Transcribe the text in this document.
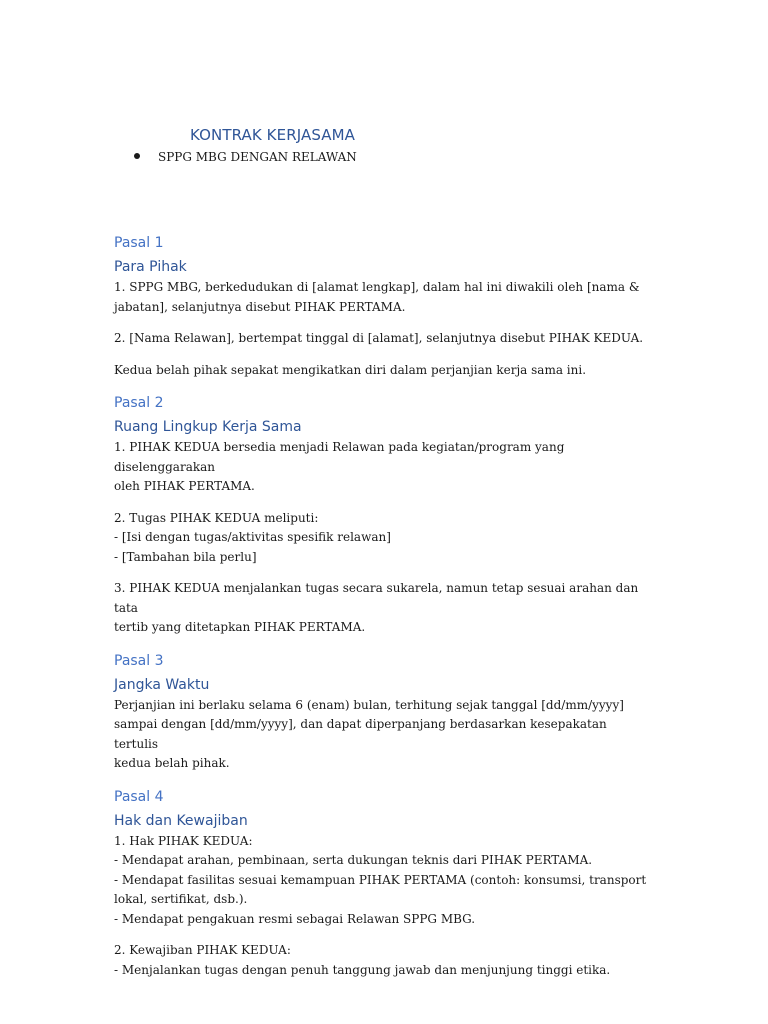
KONTRAK KERJASAMA
SPPG MBG DENGAN RELAWAN
Pasal 1
Para Pihak

1. SPPG MBG, berkedudukan di [alamat lengkap], dalam hal ini diwakili oleh [nama &
jabatan], selanjutnya disebut PIHAK PERTAMA.

2. [Nama Relawan], bertempat tinggal di [alamat], selanjutnya disebut PIHAK KEDUA.

Kedua belah pihak sepakat mengikatkan diri dalam perjanjian kerja sama ini.

Pasal 2
Ruang Lingkup Kerja Sama

1. PIHAK KEDUA bersedia menjadi Relawan pada kegiatan/program yang diselenggarakan
oleh PIHAK PERTAMA.

2. Tugas PIHAK KEDUA meliputi:
- [Isi dengan tugas/aktivitas spesifik relawan]
- [Tambahan bila perlu]

3. PIHAK KEDUA menjalankan tugas secara sukarela, namun tetap sesuai arahan dan tata
tertib yang ditetapkan PIHAK PERTAMA.

Pasal 3
Jangka Waktu

Perjanjian ini berlaku selama 6 (enam) bulan, terhitung sejak tanggal [dd/mm/yyyy]
sampai dengan [dd/mm/yyyy], dan dapat diperpanjang berdasarkan kesepakatan tertulis
kedua belah pihak.

Pasal 4
Hak dan Kewajiban

1. Hak PIHAK KEDUA:
- Mendapat arahan, pembinaan, serta dukungan teknis dari PIHAK PERTAMA.
- Mendapat fasilitas sesuai kemampuan PIHAK PERTAMA (contoh: konsumsi, transport
lokal, sertifikat, dsb.).
- Mendapat pengakuan resmi sebagai Relawan SPPG MBG.

2. Kewajiban PIHAK KEDUA:
- Menjalankan tugas dengan penuh tanggung jawab dan menjunjung tinggi etika.
